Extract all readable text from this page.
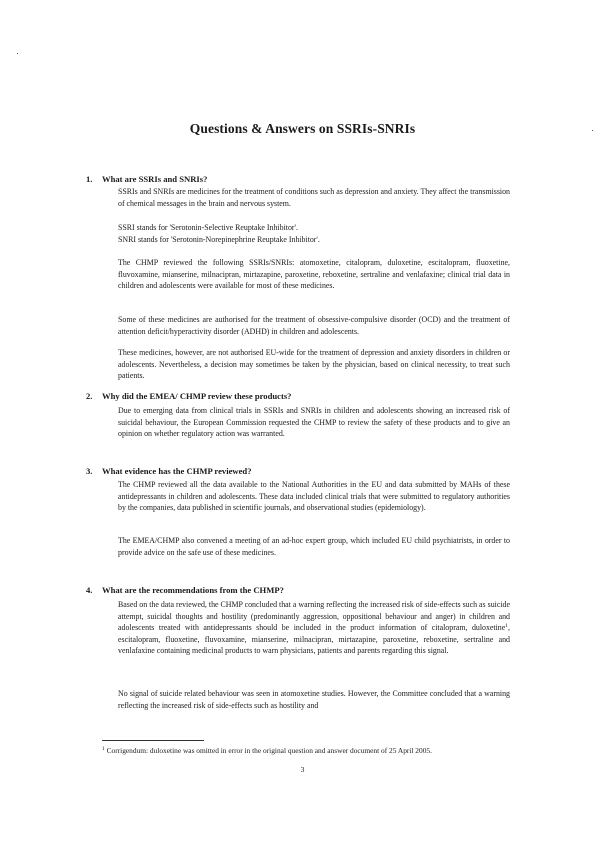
Questions & Answers on SSRIs-SNRIs
1. What are SSRIs and SNRIs?

SSRIs and SNRIs are medicines for the treatment of conditions such as depression and anxiety. They affect the transmission of chemical messages in the brain and nervous system.

SSRI stands for 'Serotonin-Selective Reuptake Inhibitor'.

SNRI stands for 'Serotonin-Norepinephrine Reuptake Inhibitor'.

The CHMP reviewed the following SSRIs/SNRIs: atomoxetine, citalopram, duloxetine, escitalopram, fluoxetine, fluvoxamine, mianserine, milnacipran, mirtazapine, paroxetine, reboxetine, sertraline and venlafaxine; clinical trial data in children and adolescents were available for most of these medicines.

Some of these medicines are authorised for the treatment of obsessive-compulsive disorder (OCD) and the treatment of attention deficit/hyperactivity disorder (ADHD) in children and adolescents.

These medicines, however, are not authorised EU-wide for the treatment of depression and anxiety disorders in children or adolescents. Nevertheless, a decision may sometimes be taken by the physician, based on clinical necessity, to treat such patients.

2. Why did the EMEA/ CHMP review these products?

Due to emerging data from clinical trials in SSRIs and SNRIs in children and adolescents showing an increased risk of suicidal behaviour, the European Commission requested the CHMP to review the safety of these products and to give an opinion on whether regulatory action was warranted.

3. What evidence has the CHMP reviewed?

The CHMP reviewed all the data available to the National Authorities in the EU and data submitted by MAHs of these antidepressants in children and adolescents. These data included clinical trials that were submitted to regulatory authorities by the companies, data published in scientific journals, and observational studies (epidemiology).

The EMEA/CHMP also convened a meeting of an ad-hoc expert group, which included EU child psychiatrists, in order to provide advice on the safe use of these medicines.

4. What are the recommendations from the CHMP?

Based on the data reviewed, the CHMP concluded that a warning reflecting the increased risk of side-effects such as suicide attempt, suicidal thoughts and hostility (predominantly aggression, oppositional behaviour and anger) in children and adolescents treated with antidepressants should be included in the product information of citalopram, duloxetine$^1$, escitalopram, fluoxetine, fluvoxamine, mianserine, milnacipran, mirtazapine, paroxetine, reboxetine, sertraline and venlafaxine containing medicinal products to warn physicians, patients and parents regarding this signal.

No signal of suicide related behaviour was seen in atomoxetine studies. However, the Committee concluded that a warning reflecting the increased risk of side-effects such as hostility and

$^1$ Corrigendum: duloxetine was omitted in error in the original question and answer document of 25 April 2005.

3
